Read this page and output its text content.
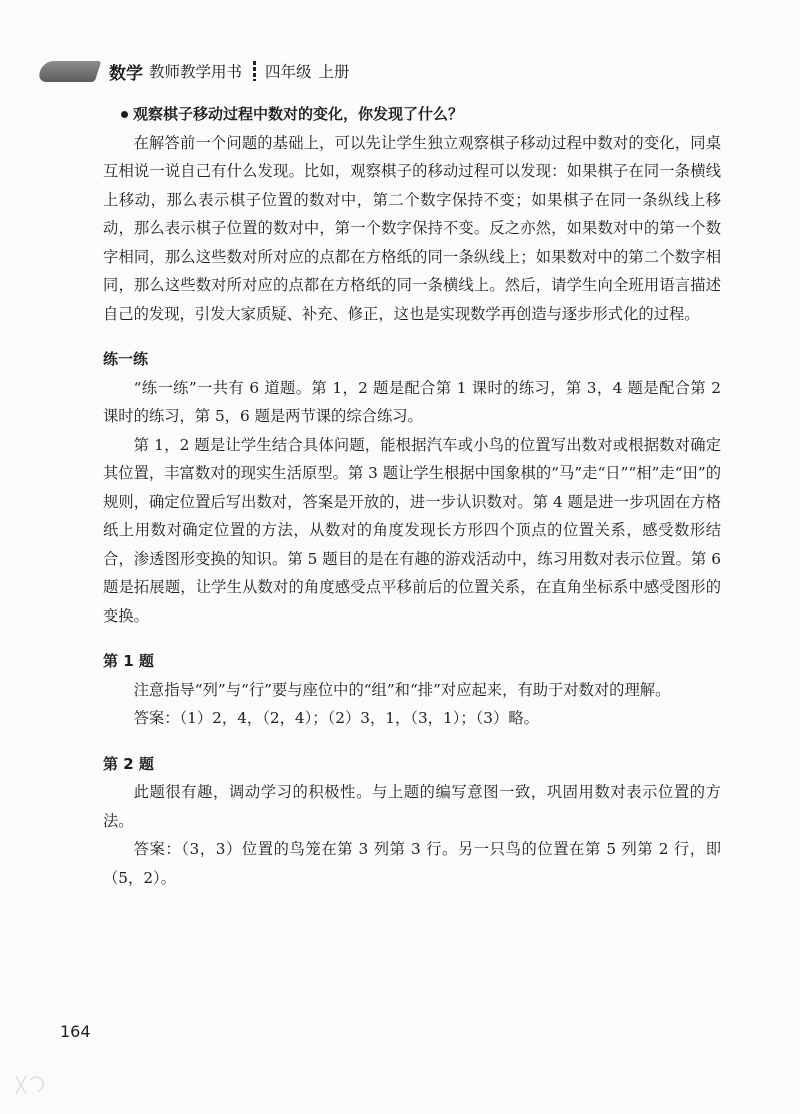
数学 教师教学用书 四年级 上册
观察棋子移动过程中数对的变化，你发现了什么？

在解答前一个问题的基础上，可以先让学生独立观察棋子移动过程中数对的变化，同桌互相说一说自己有什么发现。比如，观察棋子的移动过程可以发现：如果棋子在同一条横线上移动，那么表示棋子位置的数对中，第二个数字保持不变；如果棋子在同一条纵线上移动，那么表示棋子位置的数对中，第一个数字保持不变。反之亦然，如果数对中的第一个数字相同，那么这些数对所对应的点都在方格纸的同一条纵线上；如果数对中的第二个数字相同，那么这些数对所对应的点都在方格纸的同一条横线上。然后，请学生向全班用语言描述自己的发现，引发大家质疑、补充、修正，这也是实现数学再创造与逐步形式化的过程。

练一练

“练一练”一共有 6 道题。第 1，2 题是配合第 1 课时的练习，第 3，4 题是配合第 2 课时的练习，第 5，6 题是两节课的综合练习。

第 1，2 题是让学生结合具体问题，能根据汽车或小鸟的位置写出数对或根据数对确定其位置，丰富数对的现实生活原型。第 3 题让学生根据中国象棋的“马”走“日”“相”走“田”的规则，确定位置后写出数对，答案是开放的，进一步认识数对。第 4 题是进一步巩固在方格纸上用数对确定位置的方法，从数对的角度发现长方形四个顶点的位置关系，感受数形结合，渗透图形变换的知识。第 5 题目的是在有趣的游戏活动中，练习用数对表示位置。第 6 题是拓展题，让学生从数对的角度感受点平移前后的位置关系，在直角坐标系中感受图形的变换。

第 1 题

注意指导“列”与“行”要与座位中的“组”和“排”对应起来，有助于对数对的理解。

答案：（1）2，4，（2，4）；（2）3，1，（3，1）；（3）略。

第 2 题

此题很有趣，调动学习的积极性。与上题的编写意图一致，巩固用数对表示位置的方法。

答案：（3，3）位置的鸟笼在第 3 列第 3 行。另一只鸟的位置在第 5 列第 2 行，即（5，2）。

164
